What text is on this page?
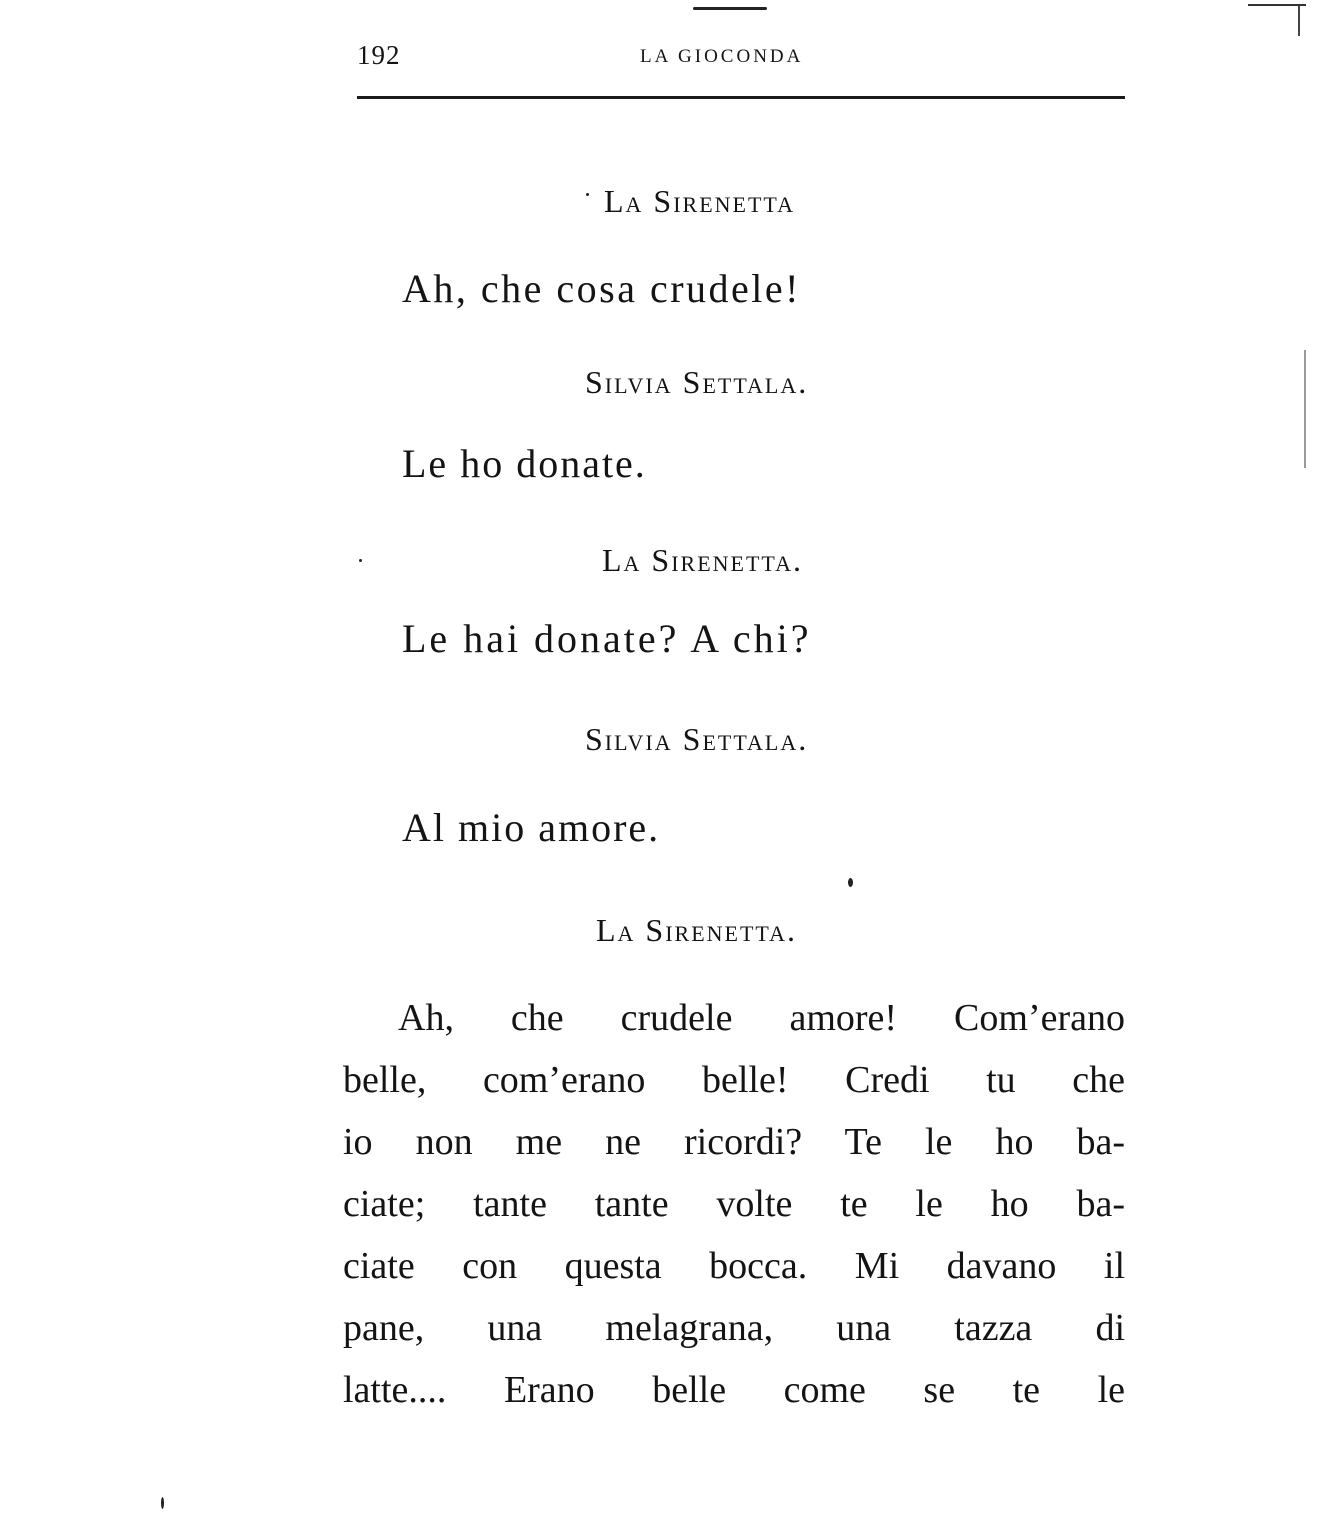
192	LA GIOCONDA
La Sirenetta
Ah, che cosa crudele!
Silvia Settala.
Le ho donate.
La Sirenetta.
Le hai donate? A chi?
Silvia Settala.
Al mio amore.
La Sirenetta.
Ah, che crudele amore! Com’erano
belle, com’erano belle! Credi tu che
io non me ne ricordi? Te le ho ba-
ciate; tante tante volte te le ho ba-
ciate con questa bocca. Mi davano il
pane, una melagrana, una tazza di
latte.... Erano belle come se te le
